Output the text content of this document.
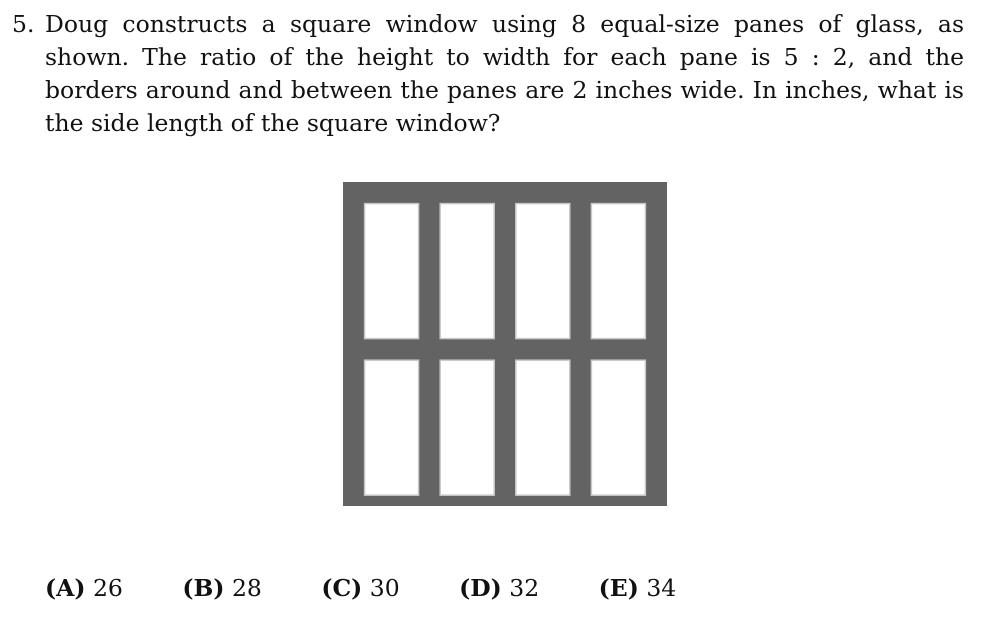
5. Doug constructs a square window using 8 equal-size panes of glass, as shown. The ratio of the height to width for each pane is 5 : 2, and the borders around and between the panes are 2 inches wide. In inches, what is the side length of the square window?
(A) 26	(B) 28	(C) 30	(D) 32	(E) 34
